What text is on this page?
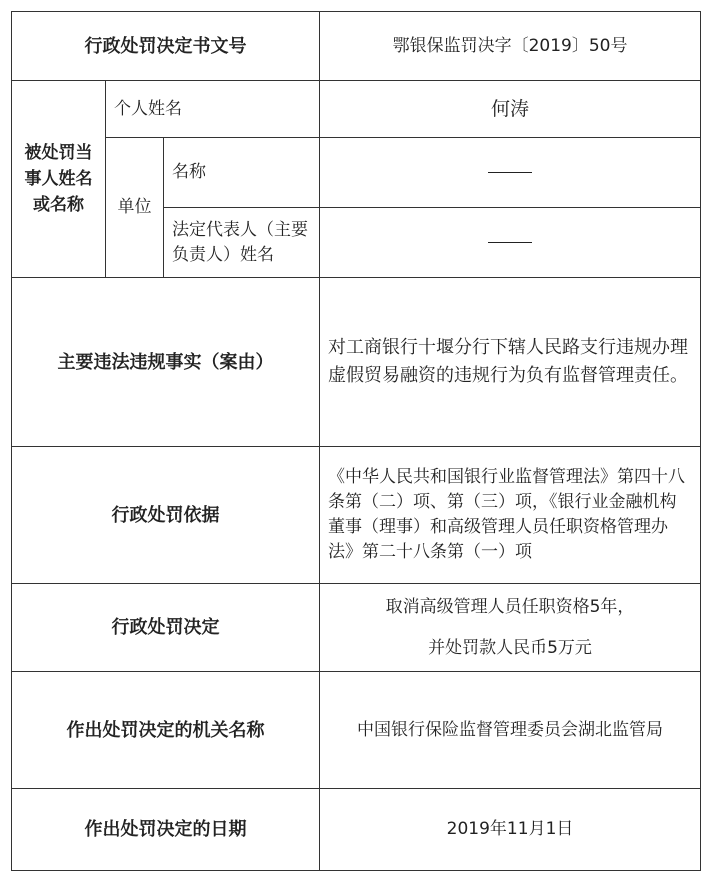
行政处罚决定书文号			鄂银保监罚决字〔2019〕50号
被处罚当事人姓名或名称	个人姓名		何涛
	单位	名称	
		法定代表人（主要负责人）姓名	
主要违法违规事实（案由）			对工商银行十堰分行下辖人民路支行违规办理虚假贸易融资的违规行为负有监督管理责任。
行政处罚依据			《中华人民共和国银行业监督管理法》第四十八条第（二）项、第（三）项，《银行业金融机构董事（理事）和高级管理人员任职资格管理办法》第二十八条第（一）项
行政处罚决定			取消高级管理人员任职资格5年，
并处罚款人民币5万元

作出处罚决定的机关名称			中国银行保险监督管理委员会湖北监管局
作出处罚决定的日期			2019年11月1日
